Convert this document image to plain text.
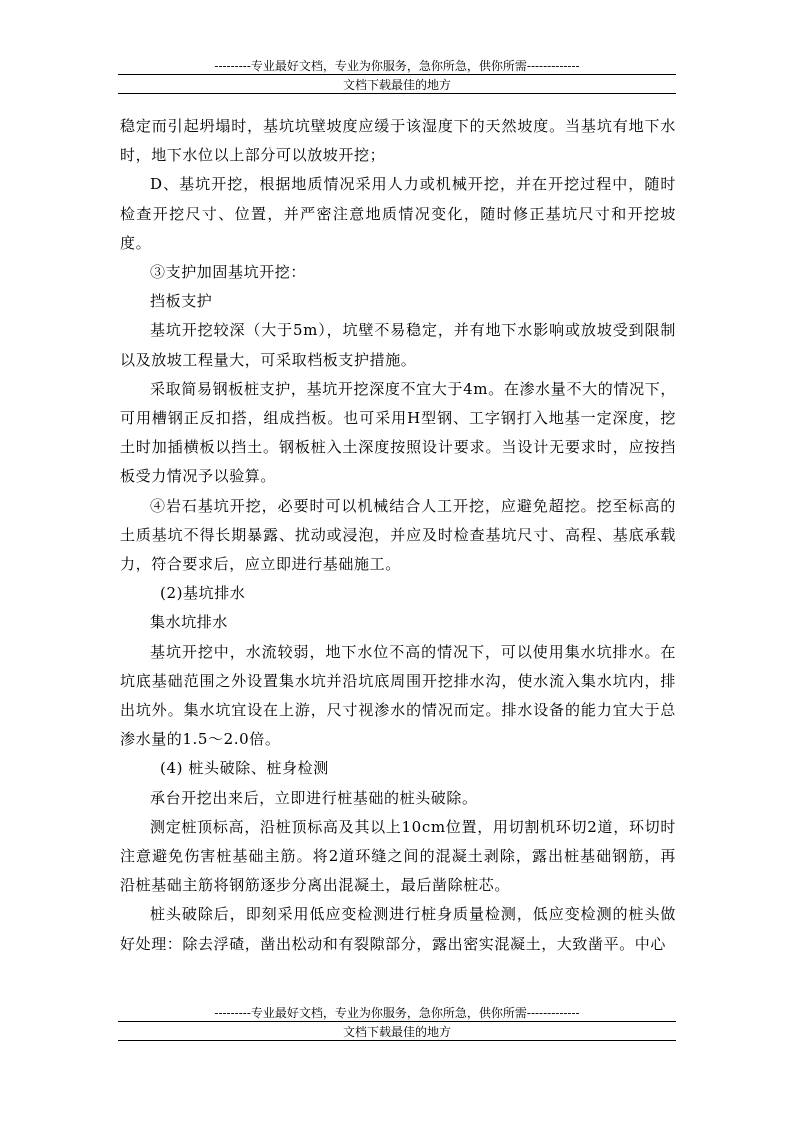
---------专业最好文档，专业为你服务，急你所急，供你所需-------------
文档下载最佳的地方

稳定而引起坍塌时，基坑坑壁坡度应缓于该湿度下的天然坡度。当基坑有地下水时，地下水位以上部分可以放坡开挖；

D、基坑开挖，根据地质情况采用人力或机械开挖，并在开挖过程中，随时检查开挖尺寸、位置，并严密注意地质情况变化，随时修正基坑尺寸和开挖坡度。

③支护加固基坑开挖：

挡板支护

基坑开挖较深（大于5m），坑壁不易稳定，并有地下水影响或放坡受到限制以及放坡工程量大，可采取档板支护措施。

采取简易钢板桩支护，基坑开挖深度不宜大于4m。在渗水量不大的情况下，可用槽钢正反扣搭，组成挡板。也可采用H型钢、工字钢打入地基一定深度，挖土时加插横板以挡土。钢板桩入土深度按照设计要求。当设计无要求时，应按挡板受力情况予以验算。

④岩石基坑开挖，必要时可以机械结合人工开挖，应避免超挖。挖至标高的土质基坑不得长期暴露、扰动或浸泡，并应及时检查基坑尺寸、高程、基底承载力，符合要求后，应立即进行基础施工。

(2)基坑排水

集水坑排水

基坑开挖中，水流较弱，地下水位不高的情况下，可以使用集水坑排水。在坑底基础范围之外设置集水坑并沿坑底周围开挖排水沟，使水流入集水坑内，排出坑外。集水坑宜设在上游，尺寸视渗水的情况而定。排水设备的能力宜大于总渗水量的1.5～2.0倍。

(4) 桩头破除、桩身检测

承台开挖出来后，立即进行桩基础的桩头破除。

测定桩顶标高，沿桩顶标高及其以上10cm位置，用切割机环切2道，环切时注意避免伤害桩基础主筋。将2道环缝之间的混凝土剥除，露出桩基础钢筋，再沿桩基础主筋将钢筋逐步分离出混凝土，最后凿除桩芯。

桩头破除后，即刻采用低应变检测进行桩身质量检测，低应变检测的桩头做好处理：除去浮碴，凿出松动和有裂隙部分，露出密实混凝土，大致凿平。中心

---------专业最好文档，专业为你服务，急你所急，供你所需-------------
文档下载最佳的地方
